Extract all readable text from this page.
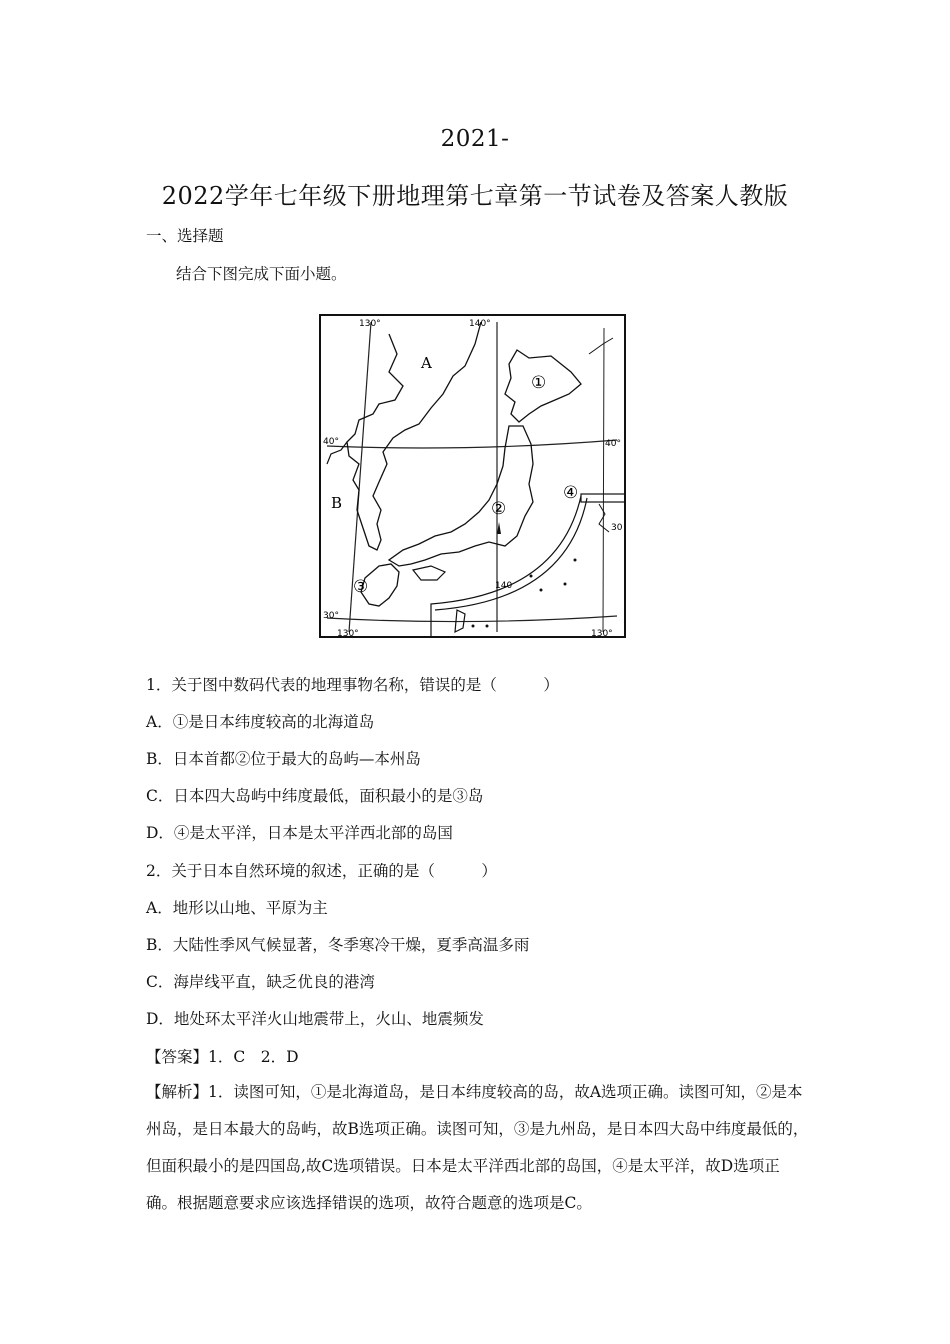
2021-
2022学年七年级下册地理第七章第一节试卷及答案人教版
一、选择题
结合下图完成下面小题。
A
B
①
②
③
④
130°	140°
40°	40°
30°
30
130°
140
130°
1．关于图中数码代表的地理事物名称，错误的是（　　　）
A．①是日本纬度较高的北海道岛
B．日本首都②位于最大的岛屿—本州岛
C．日本四大岛屿中纬度最低，面积最小的是③岛
D．④是太平洋，日本是太平洋西北部的岛国
2．关于日本自然环境的叙述，正确的是（　　　）
A．地形以山地、平原为主
B．大陆性季风气候显著，冬季寒冷干燥，夏季高温多雨
C．海岸线平直，缺乏优良的港湾
D．地处环太平洋火山地震带上，火山、地震频发
【答案】1．C　2．D
【解析】1．读图可知，①是北海道岛，是日本纬度较高的岛，故A选项正确。读图可知，②是本州岛，是日本最大的岛屿，故B选项正确。读图可知，③是九州岛，是日本四大岛中纬度最低的，但面积最小的是四国岛,故C选项错误。日本是太平洋西北部的岛国，④是太平洋，故D选项正确。根据题意要求应该选择错误的选项，故符合题意的选项是C。
